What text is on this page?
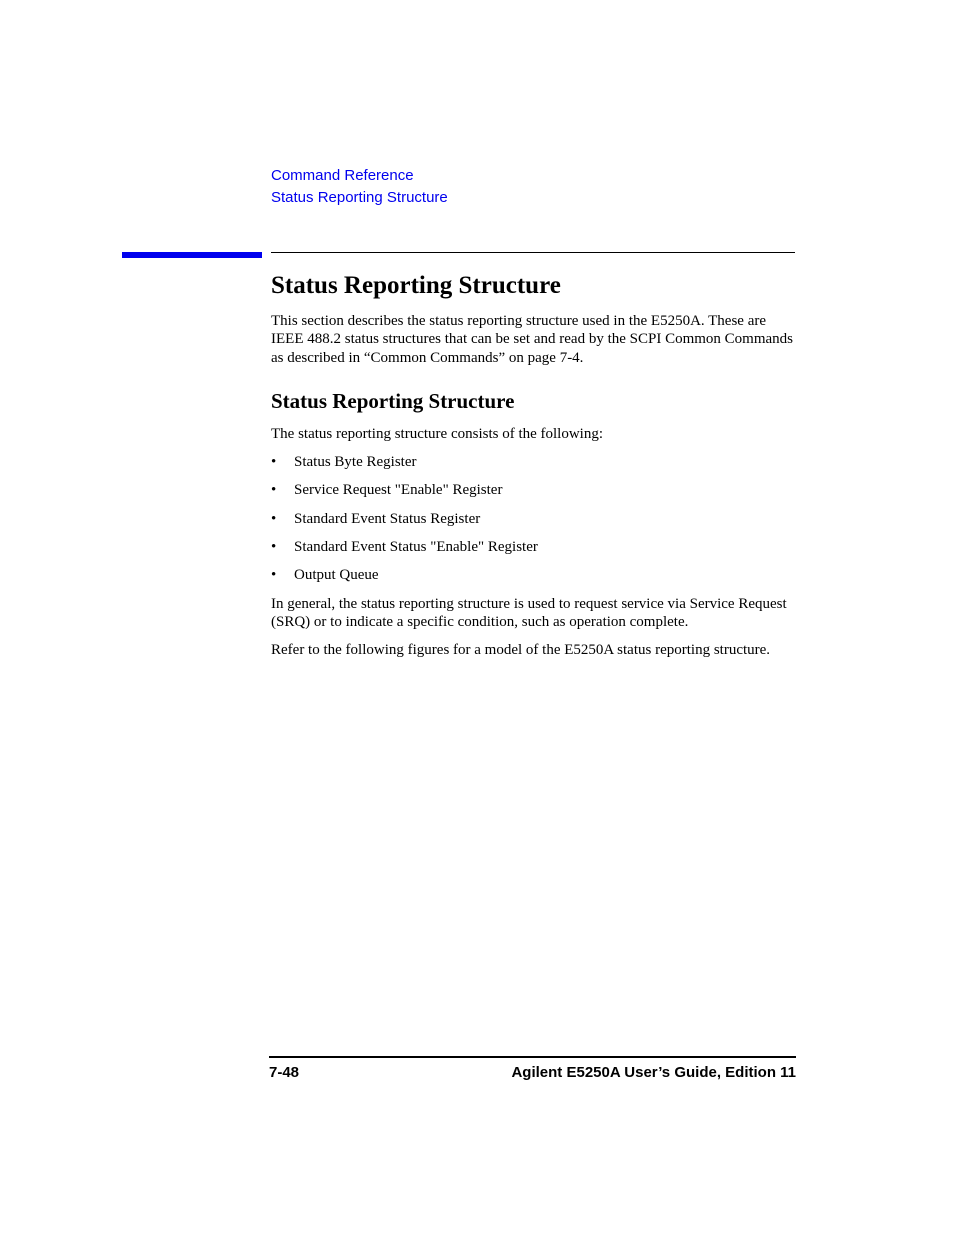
Command Reference
Status Reporting Structure
Status Reporting Structure

This section describes the status reporting structure used in the E5250A. These are IEEE 488.2 status structures that can be set and read by the SCPI Common Commands as described in “Common Commands” on page 7-4.

Status Reporting Structure

The status reporting structure consists of the following:

• Status Byte Register
• Service Request "Enable" Register
• Standard Event Status Register
• Standard Event Status "Enable" Register
• Output Queue

In general, the status reporting structure is used to request service via Service Request (SRQ) or to indicate a specific condition, such as operation complete.

Refer to the following figures for a model of the E5250A status reporting structure.

7-48	Agilent E5250A User’s Guide, Edition 11
